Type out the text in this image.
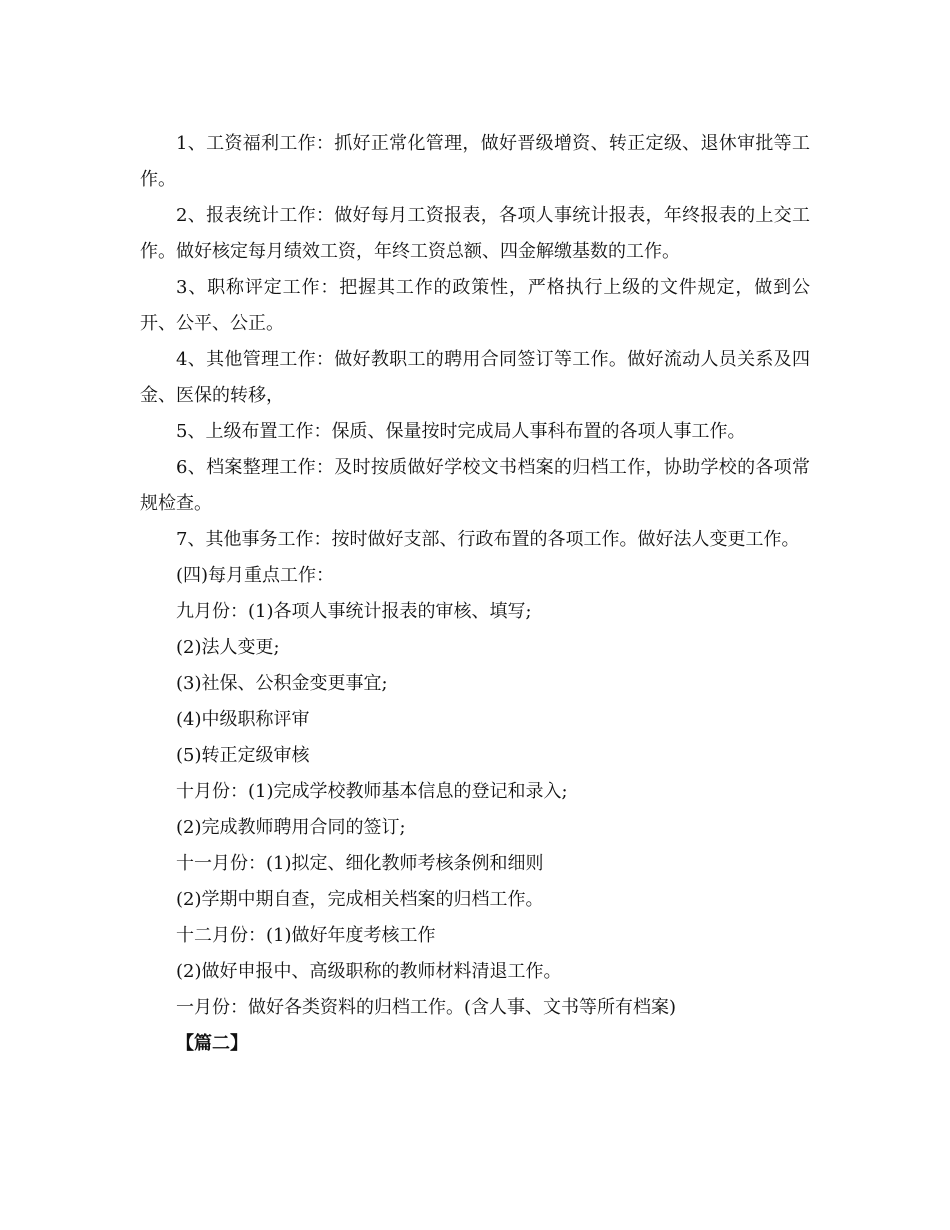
1、工资福利工作：抓好正常化管理，做好晋级增资、转正定级、退休审批等工作。

2、报表统计工作：做好每月工资报表，各项人事统计报表，年终报表的上交工作。做好核定每月绩效工资，年终工资总额、四金解缴基数的工作。

3、职称评定工作：把握其工作的政策性，严格执行上级的文件规定，做到公开、公平、公正。

4、其他管理工作：做好教职工的聘用合同签订等工作。做好流动人员关系及四金、医保的转移，

5、上级布置工作：保质、保量按时完成局人事科布置的各项人事工作。

6、档案整理工作：及时按质做好学校文书档案的归档工作，协助学校的各项常规检查。

7、其他事务工作：按时做好支部、行政布置的各项工作。做好法人变更工作。

(四)每月重点工作：
九月份：(1)各项人事统计报表的审核、填写;
(2)法人变更;
(3)社保、公积金变更事宜;
(4)中级职称评审
(5)转正定级审核
十月份：(1)完成学校教师基本信息的登记和录入;
(2)完成教师聘用合同的签订;
十一月份：(1)拟定、细化教师考核条例和细则
(2)学期中期自查，完成相关档案的归档工作。
十二月份：(1)做好年度考核工作
(2)做好申报中、高级职称的教师材料清退工作。
一月份：做好各类资料的归档工作。(含人事、文书等所有档案)
【篇二】
